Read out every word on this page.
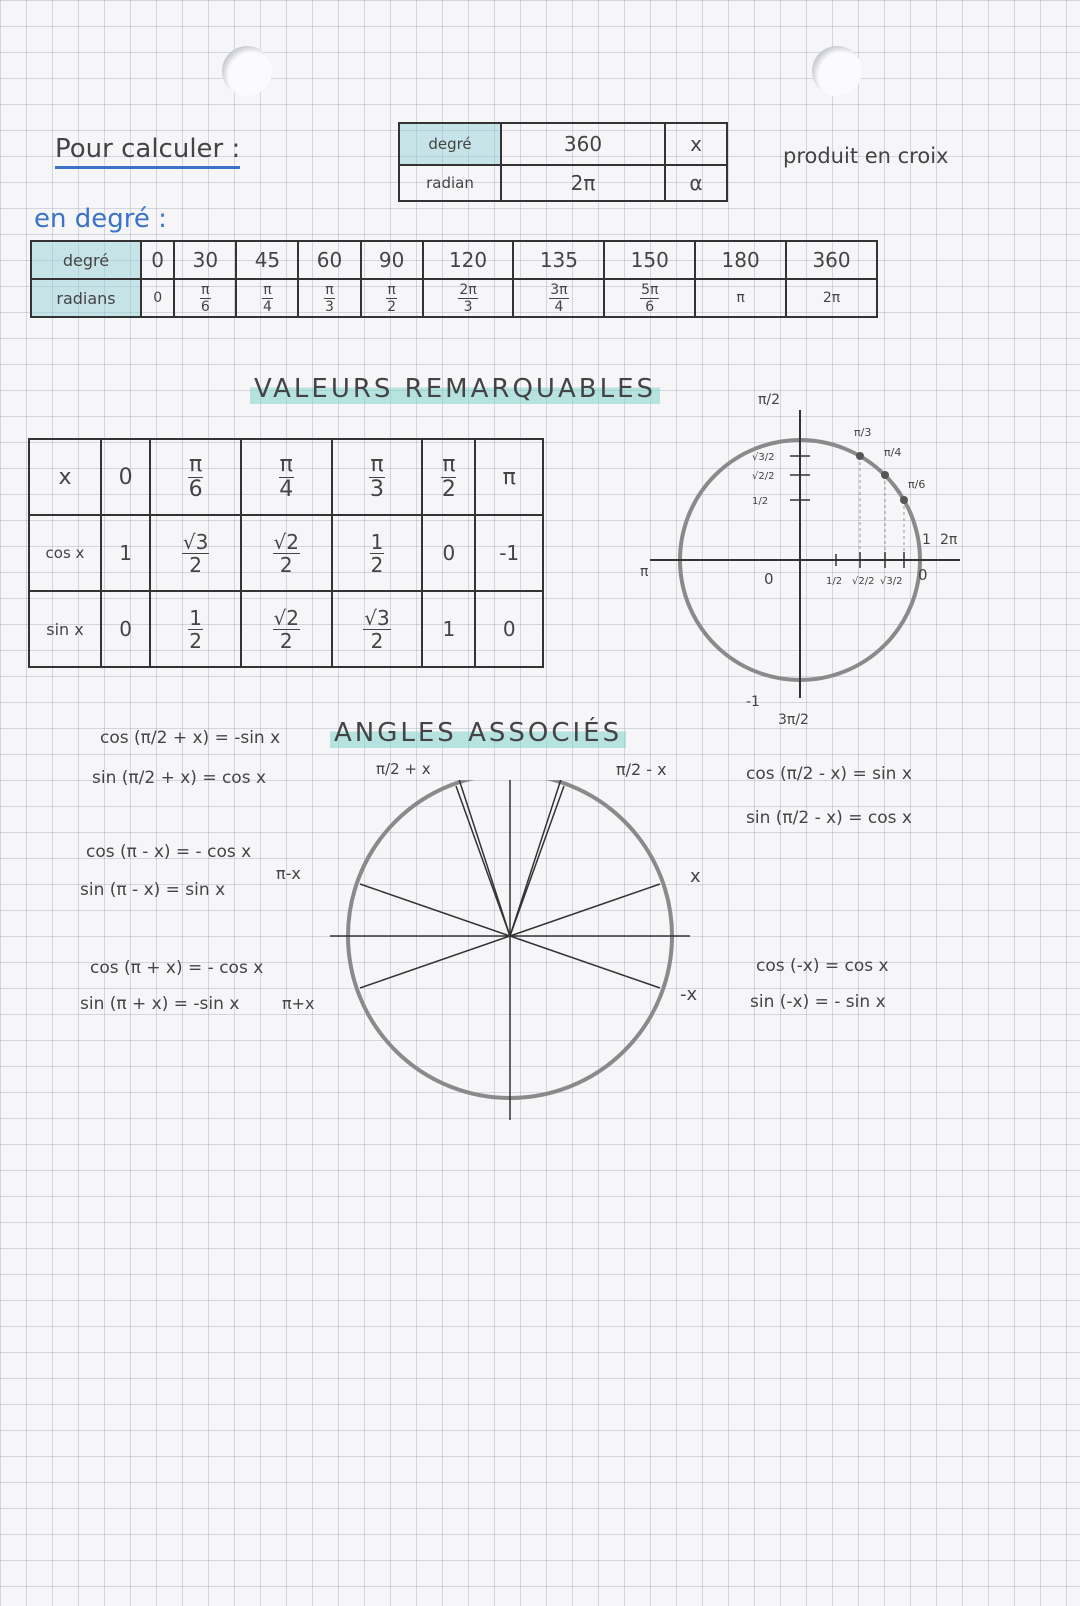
Pour calculer :	degré	360	x
radian	2π	α
produit en croix
en degré :
degré	0	30	45	60	90	120	135	150	180	360
radians	0	$\frac{\pi}{6}$	$\frac{\pi}{4}$	$\frac{\pi}{3}$	$\frac{\pi}{2}$	$\frac{2\pi}{3}$	$\frac{3\pi}{4}$	$\frac{5\pi}{6}$	π	2π
VALEURS REMARQUABLES
x	0	$\frac{\pi}{6}$	$\frac{\pi}{4}$	$\frac{\pi}{3}$	$\frac{\pi}{2}$	π
cos x	1	$\frac{√3}{2}$	$\frac{√2}{2}$	$\frac{1}{2}$	0	-1
sin x	0	$\frac{1}{2}$	$\frac{√2}{2}$	$\frac{√3}{2}$	1	0
π/2
π
2π
1
0
0
-1
3π/2
π/3
π/4
π/6
√3/2
√2/2
1/2
1/2 √2/2 √3/2
ANGLES ASSOCIÉS
cos (π/2 + x) = -sin x
sin (π/2 + x) = cos x
cos (π - x) = - cos x
sin (π - x) = sin x
cos (π + x) = - cos x
sin (π + x) = -sin x
cos (π/2 - x) = sin x
sin (π/2 - x) = cos x
cos (-x) = cos x
sin (-x) = - sin x
π/2 + x	π/2 - x
π-x	x
-x
π+x
